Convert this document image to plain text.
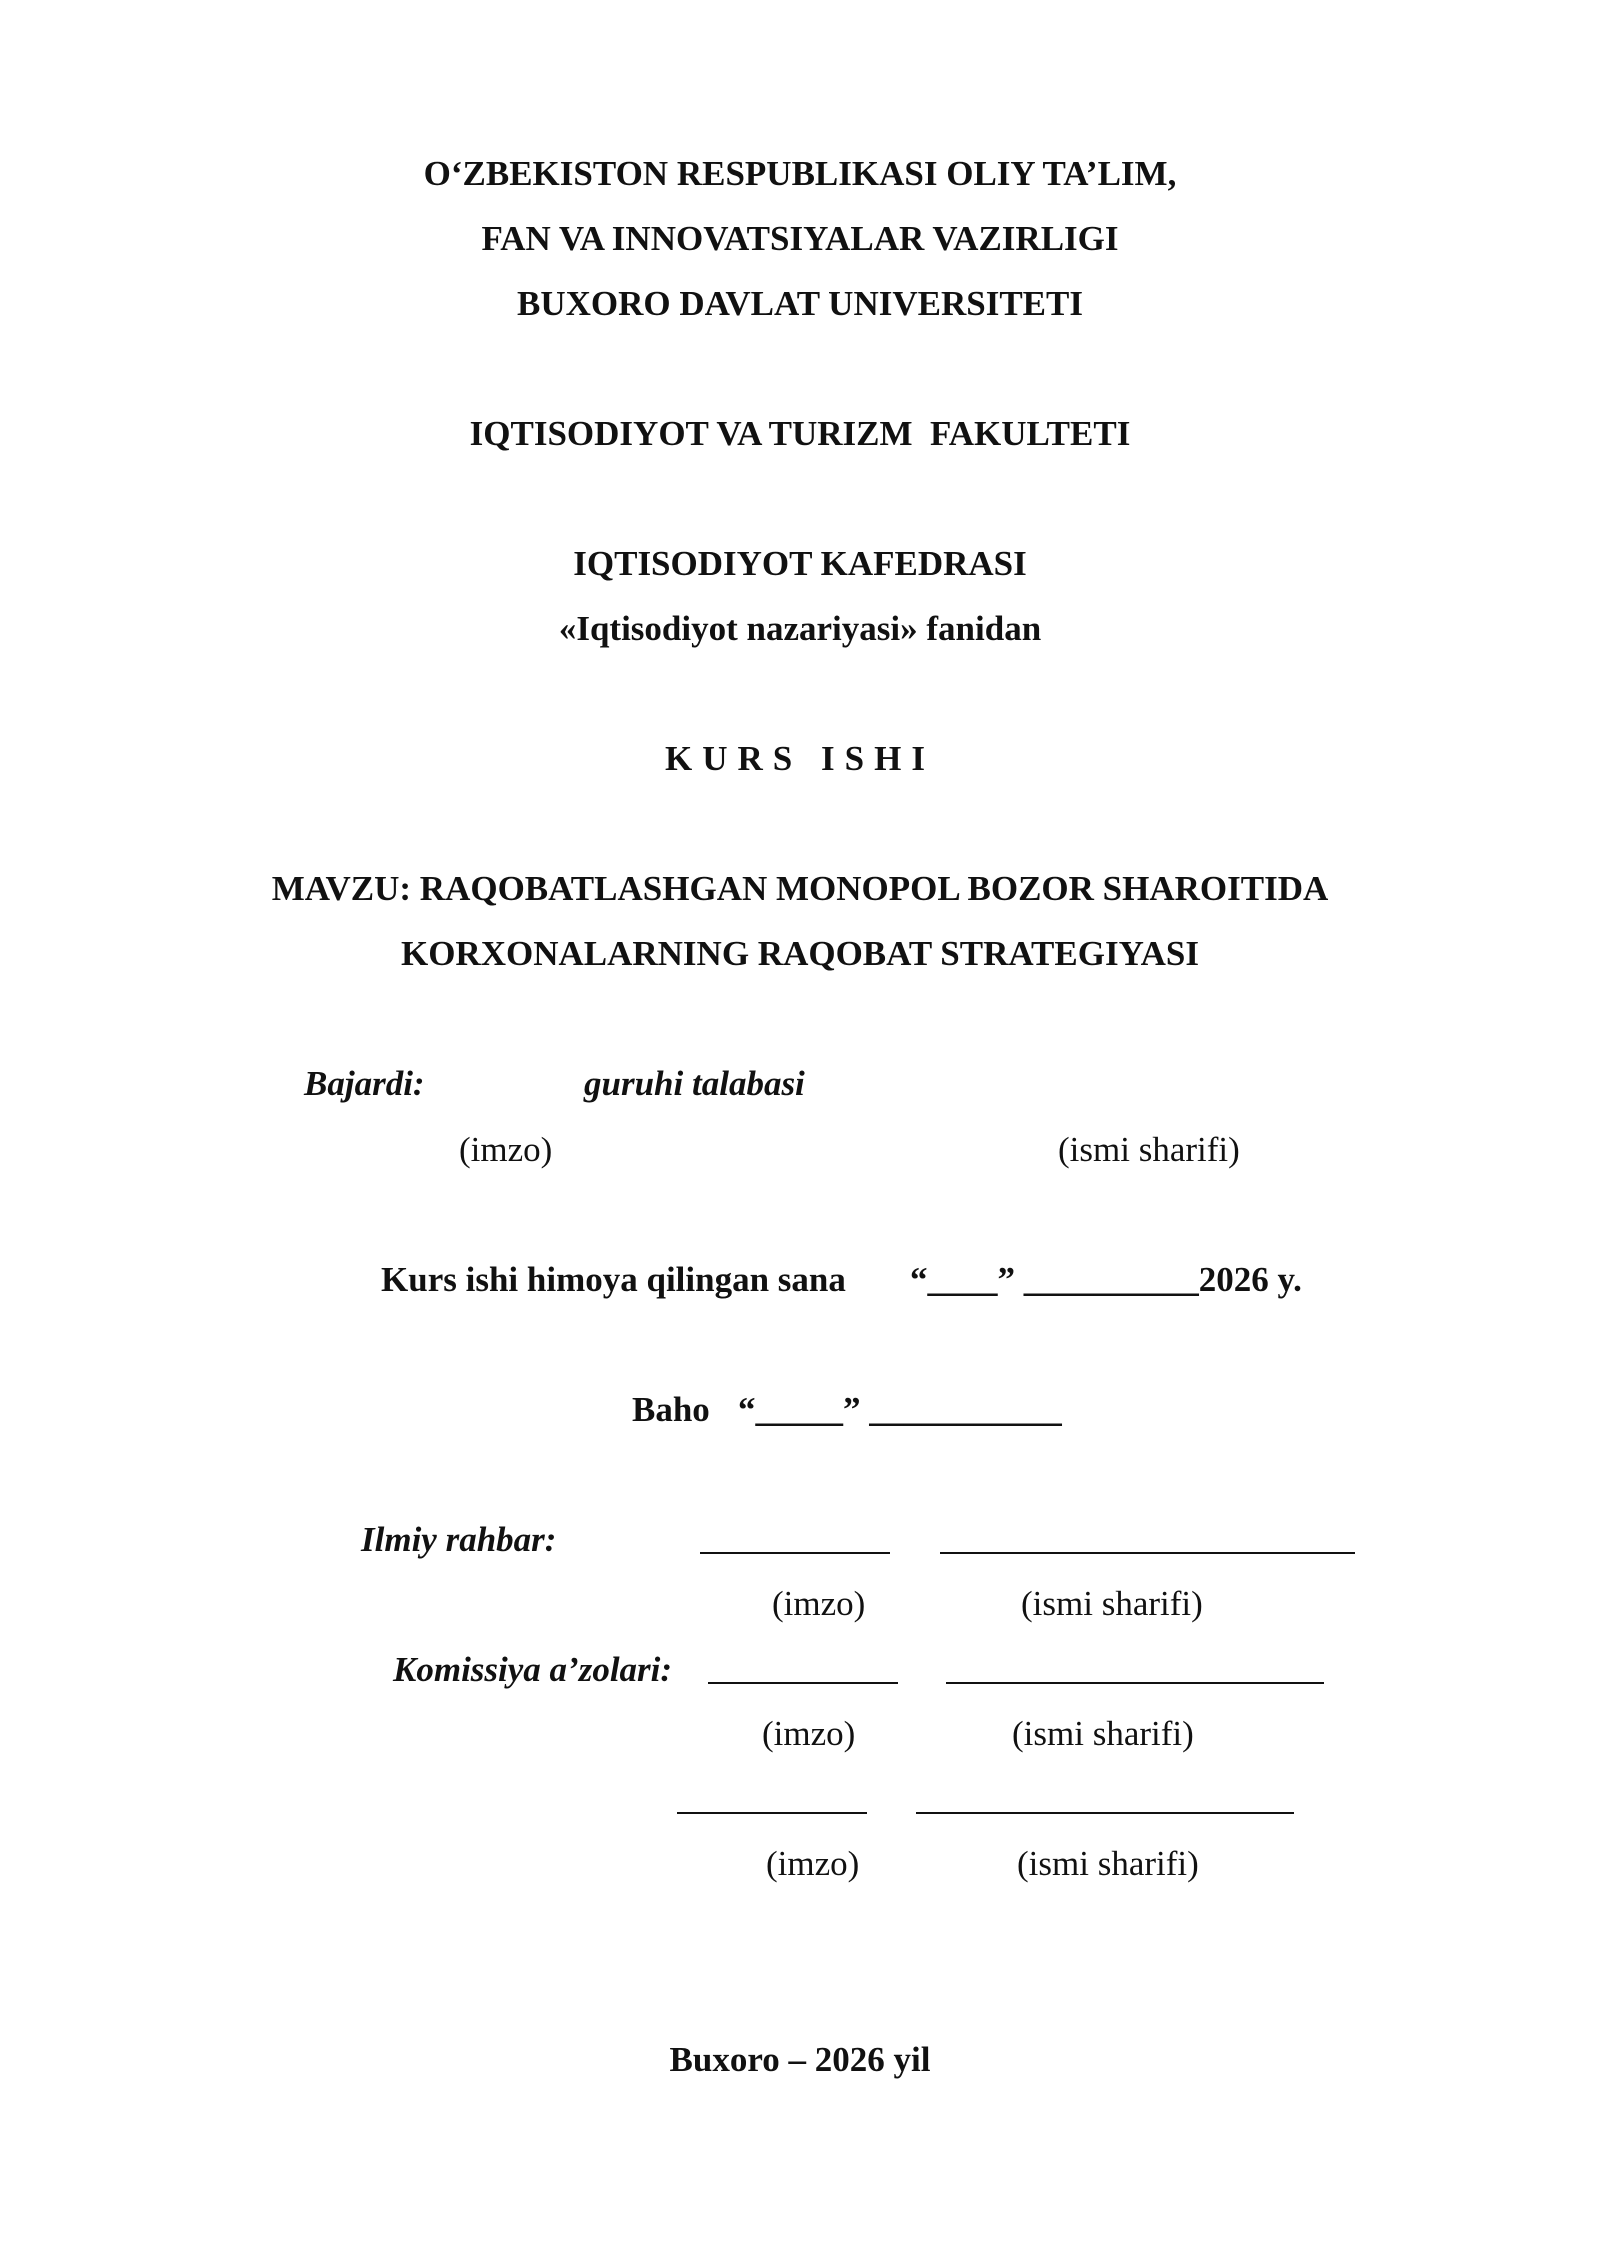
O‘ZBEKISTON RESPUBLIKASI OLIY TA’LIM,
FAN VA INNOVATSIYALAR VAZIRLIGI
BUXORO DAVLAT UNIVERSITETI
IQTISODIYOT VA TURIZM  FAKULTETI
IQTISODIYOT KAFEDRASI
«Iqtisodiyot nazariyasi» fanidan
KURS ISHI
MAVZU: RAQOBATLASHGAN MONOPOL BOZOR SHAROITIDA
KORXONALARNING RAQOBAT STRATEGIYASI
Bajardi:	guruhi talabasi
(imzo)	(ismi sharifi)
Kurs ishi himoya qilingan sana “____” __________2026 y.
Baho “_____” ___________
Ilmiy rahbar:
(imzo)	(ismi sharifi)
Komissiya a’zolari:
(imzo)	(ismi sharifi)
(imzo)	(ismi sharifi)
Buxoro – 2026 yil
